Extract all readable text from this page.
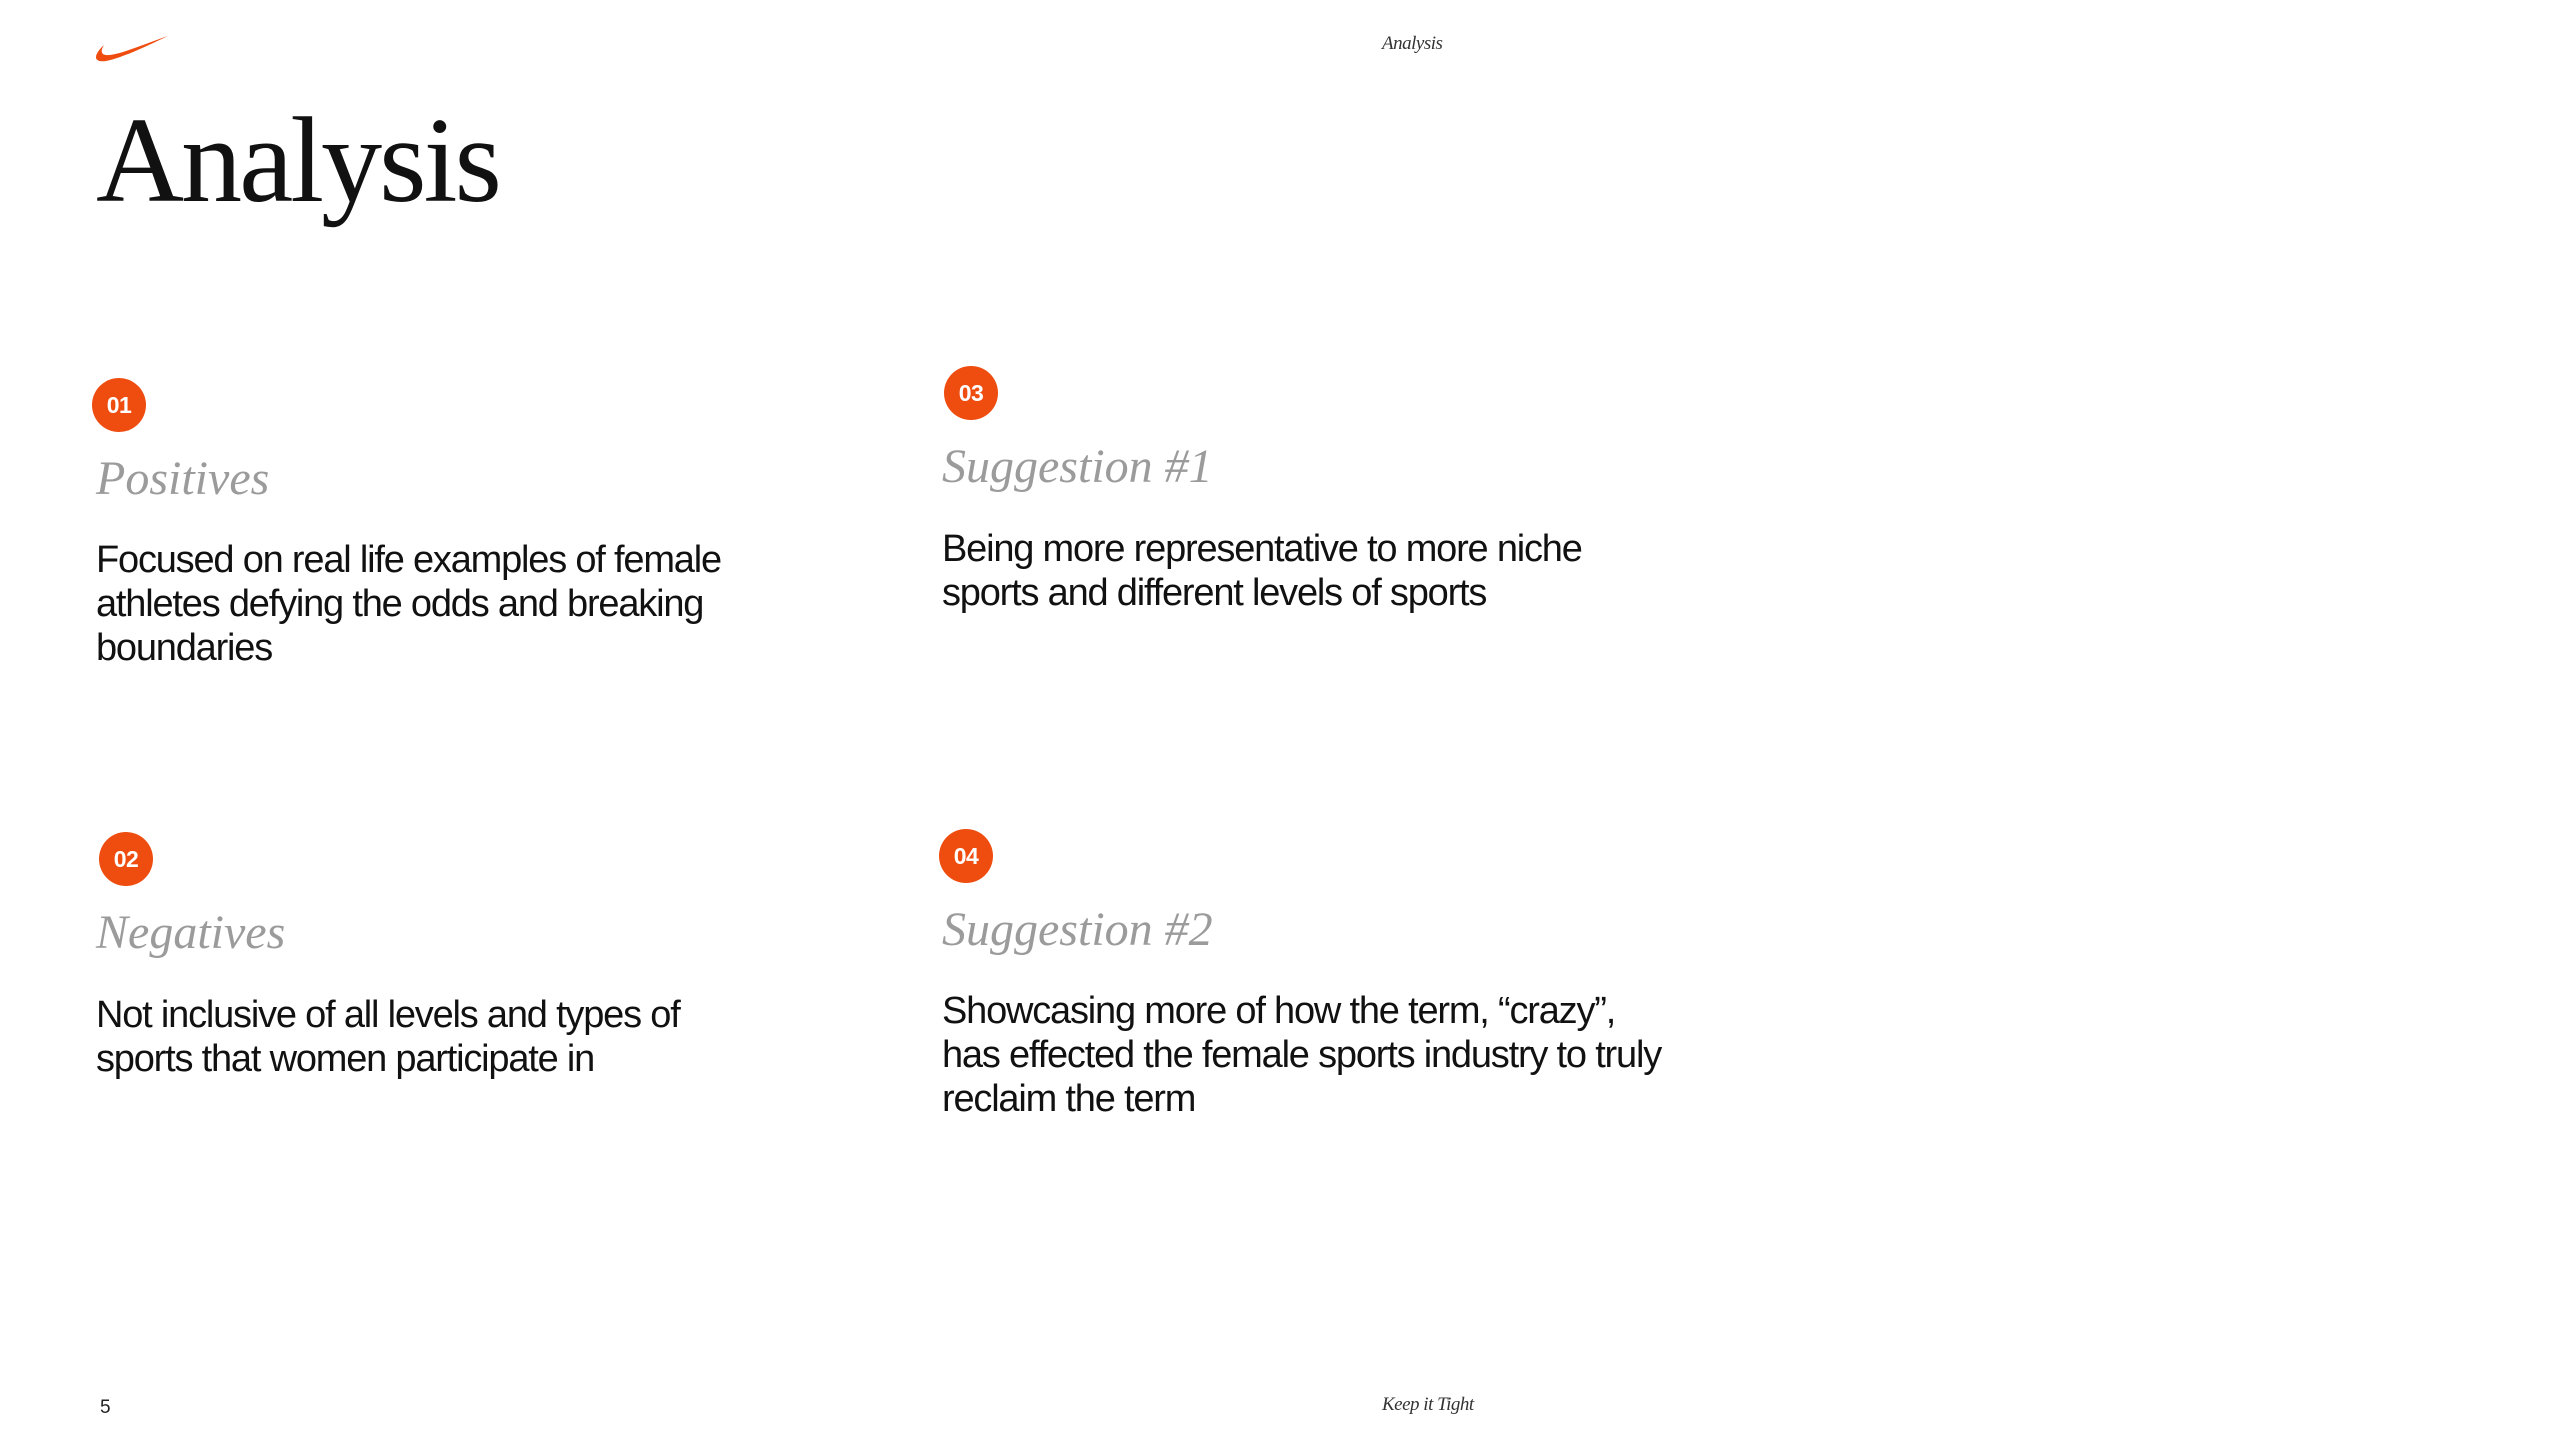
Analysis
Analysis
01
Positives

Focused on real life examples of female athletes defying the odds and breaking boundaries

02
Negatives

Not inclusive of all levels and types of sports that women participate in

03
Suggestion #1

Being more representative to more niche sports and different levels of sports

04
Suggestion #2

Showcasing more of how the term, “crazy”, has effected the female sports industry to truly reclaim the term

5	Keep it Tight
